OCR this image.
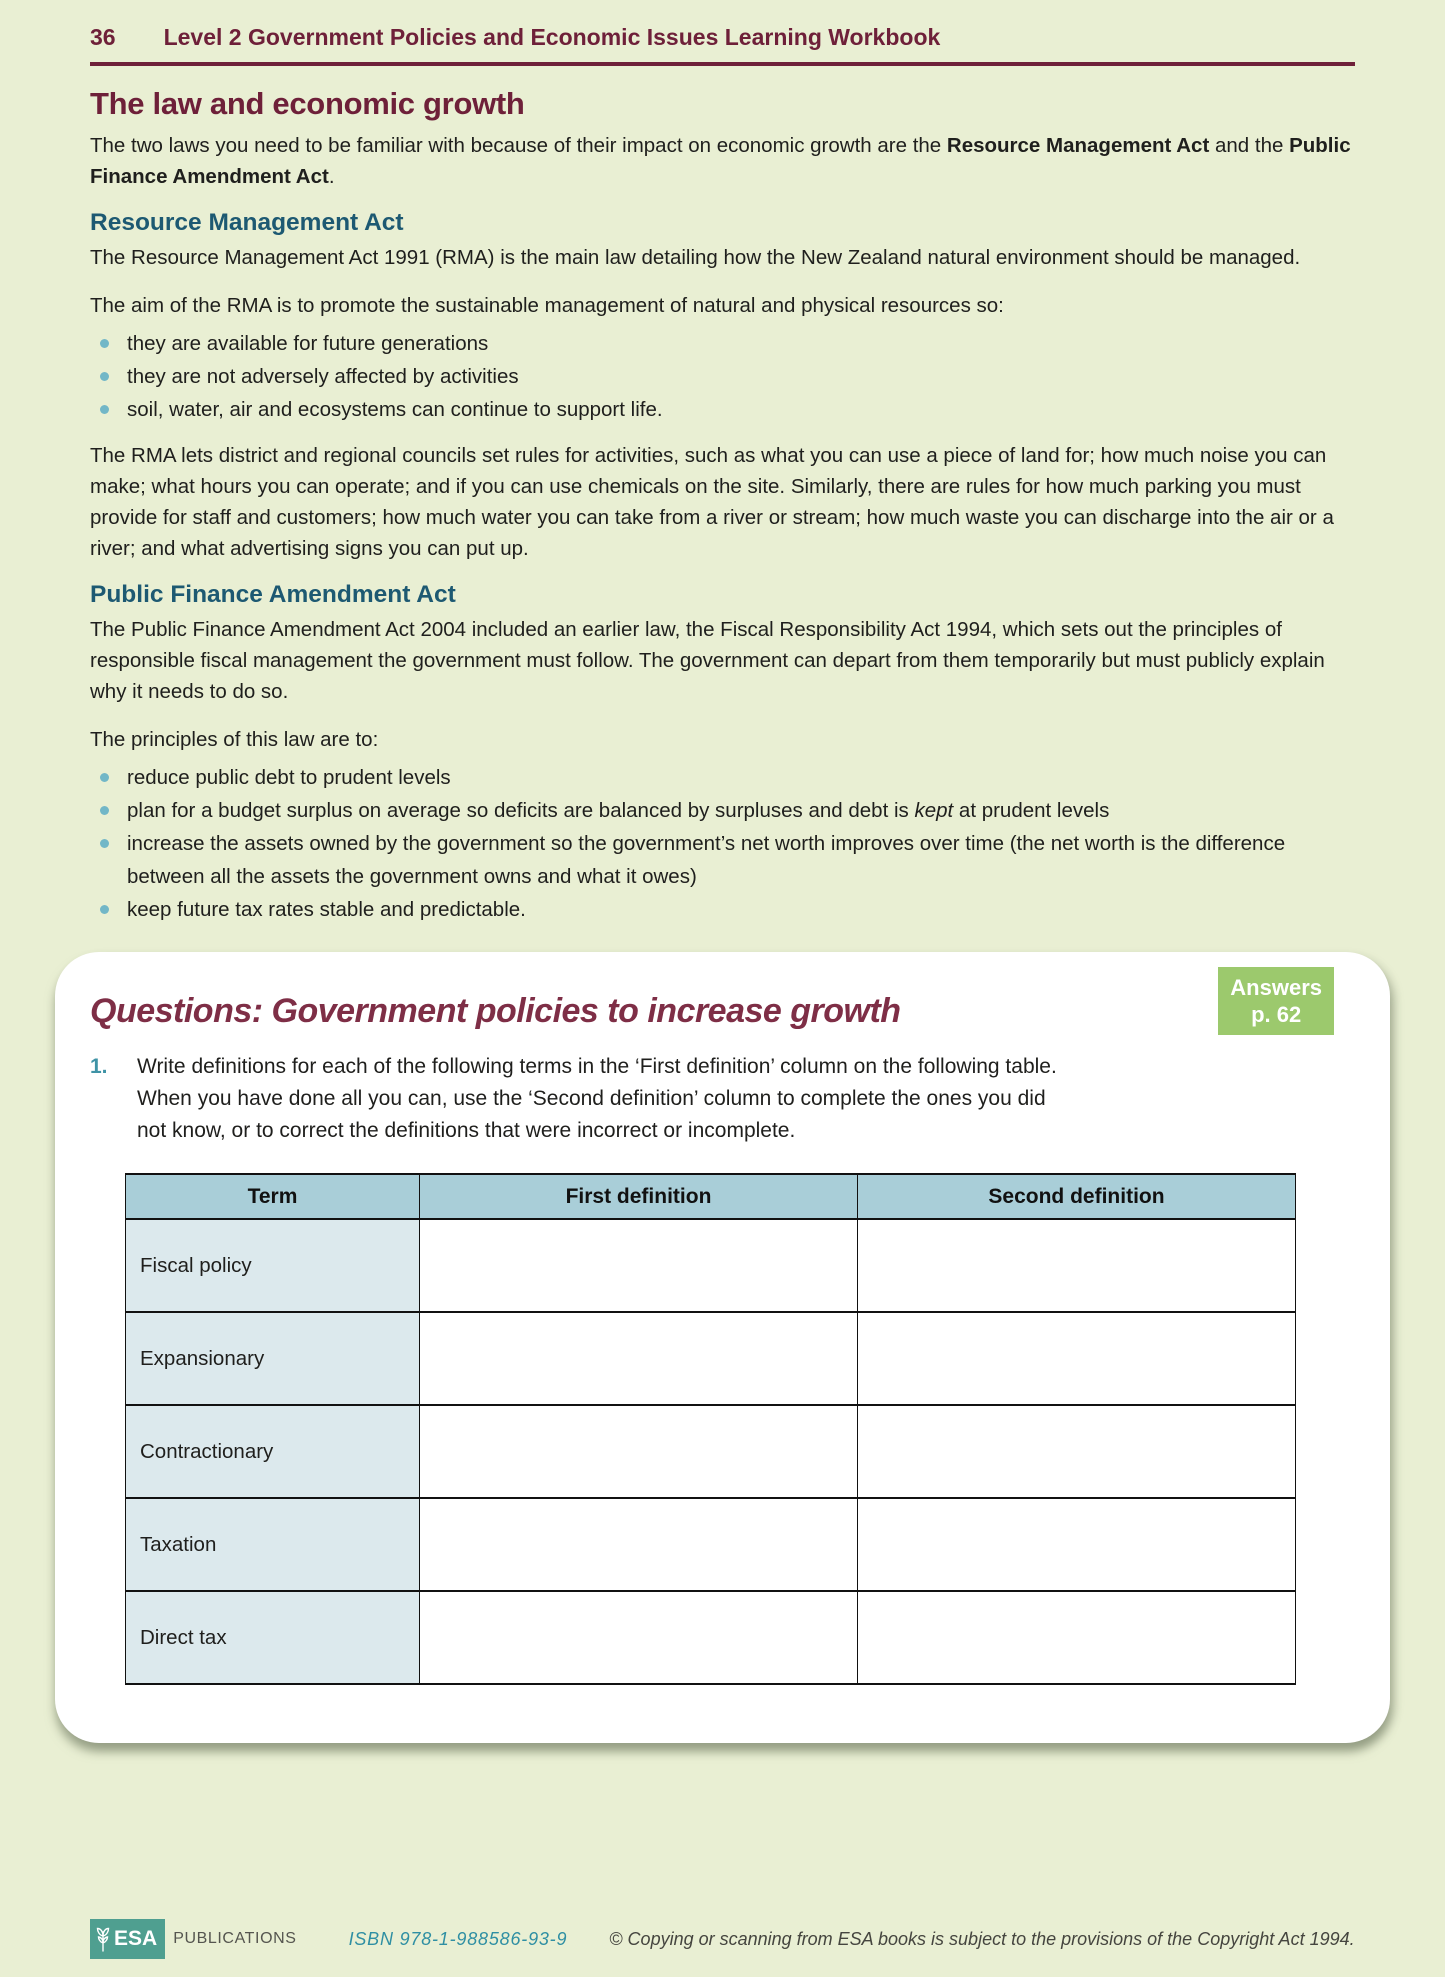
36 Level 2 Government Policies and Economic Issues Learning Workbook
The law and economic growth

The two laws you need to be familiar with because of their impact on economic growth are the Resource Management Act and the Public Finance Amendment Act.

Resource Management Act

The Resource Management Act 1991 (RMA) is the main law detailing how the New Zealand natural environment should be managed.

The aim of the RMA is to promote the sustainable management of natural and physical resources so:

they are available for future generations
they are not adversely affected by activities
soil, water, air and ecosystems can continue to support life.

The RMA lets district and regional councils set rules for activities, such as what you can use a piece of land for; how much noise you can make; what hours you can operate; and if you can use chemicals on the site. Similarly, there are rules for how much parking you must provide for staff and customers; how much water you can take from a river or stream; how much waste you can discharge into the air or a river; and what advertising signs you can put up.

Public Finance Amendment Act

The Public Finance Amendment Act 2004 included an earlier law, the Fiscal Responsibility Act 1994, which sets out the principles of responsible fiscal management the government must follow. The government can depart from them temporarily but must publicly explain why it needs to do so.

The principles of this law are to:

reduce public debt to prudent levels
plan for a budget surplus on average so deficits are balanced by surpluses and debt is kept at prudent levels
increase the assets owned by the government so the government’s net worth improves over time (the net worth is the difference between all the assets the government owns and what it owes)
keep future tax rates stable and predictable.
Answers
p. 62
Questions: Government policies to increase growth
1.	Write definitions for each of the following terms in the ‘First definition’ column on the following table. When you have done all you can, use the ‘Second definition’ column to complete the ones you did not know, or to correct the definitions that were incorrect or incomplete.
Term	First definition	Second definition
Fiscal policy		
Expansionary		
Contractionary		
Taxation		
Direct tax		
ESA PUBLICATIONS	ISBN 978-1-988586-93-9 © Copying or scanning from ESA books is subject to the provisions of the Copyright Act 1994.
